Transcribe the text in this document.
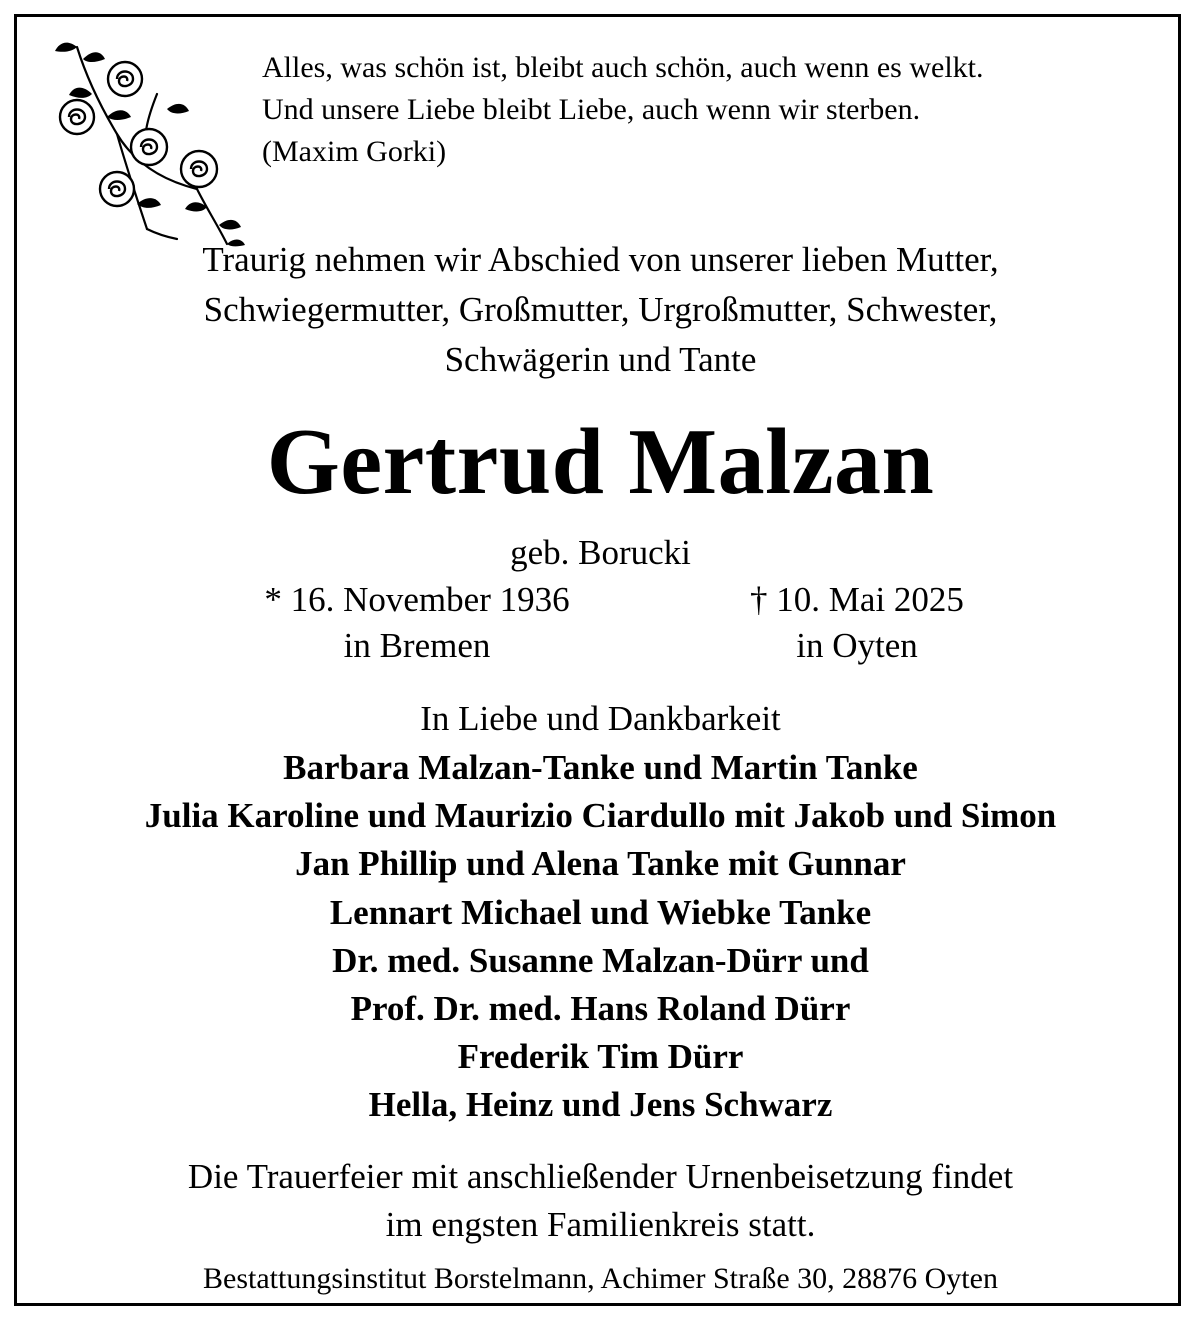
Alles, was schön ist, bleibt auch schön, auch wenn es welkt.
Und unsere Liebe bleibt Liebe, auch wenn wir sterben.
(Maxim Gorki)
Traurig nehmen wir Abschied von unserer lieben Mutter,
Schwiegermutter, Großmutter, Urgroßmutter, Schwester,
Schwägerin und Tante
Gertrud Malzan
geb. Borucki
* 16. November 1936
in Bremen
† 10. Mai 2025
in Oyten
In Liebe und Dankbarkeit
Barbara Malzan-Tanke und Martin Tanke
Julia Karoline und Maurizio Ciardullo mit Jakob und Simon
Jan Phillip und Alena Tanke mit Gunnar
Lennart Michael und Wiebke Tanke
Dr. med. Susanne Malzan-Dürr und
Prof. Dr. med. Hans Roland Dürr
Frederik Tim Dürr
Hella, Heinz und Jens Schwarz
Die Trauerfeier mit anschließender Urnenbeisetzung findet
im engsten Familienkreis statt.
Bestattungsinstitut Borstelmann, Achimer Straße 30, 28876 Oyten
